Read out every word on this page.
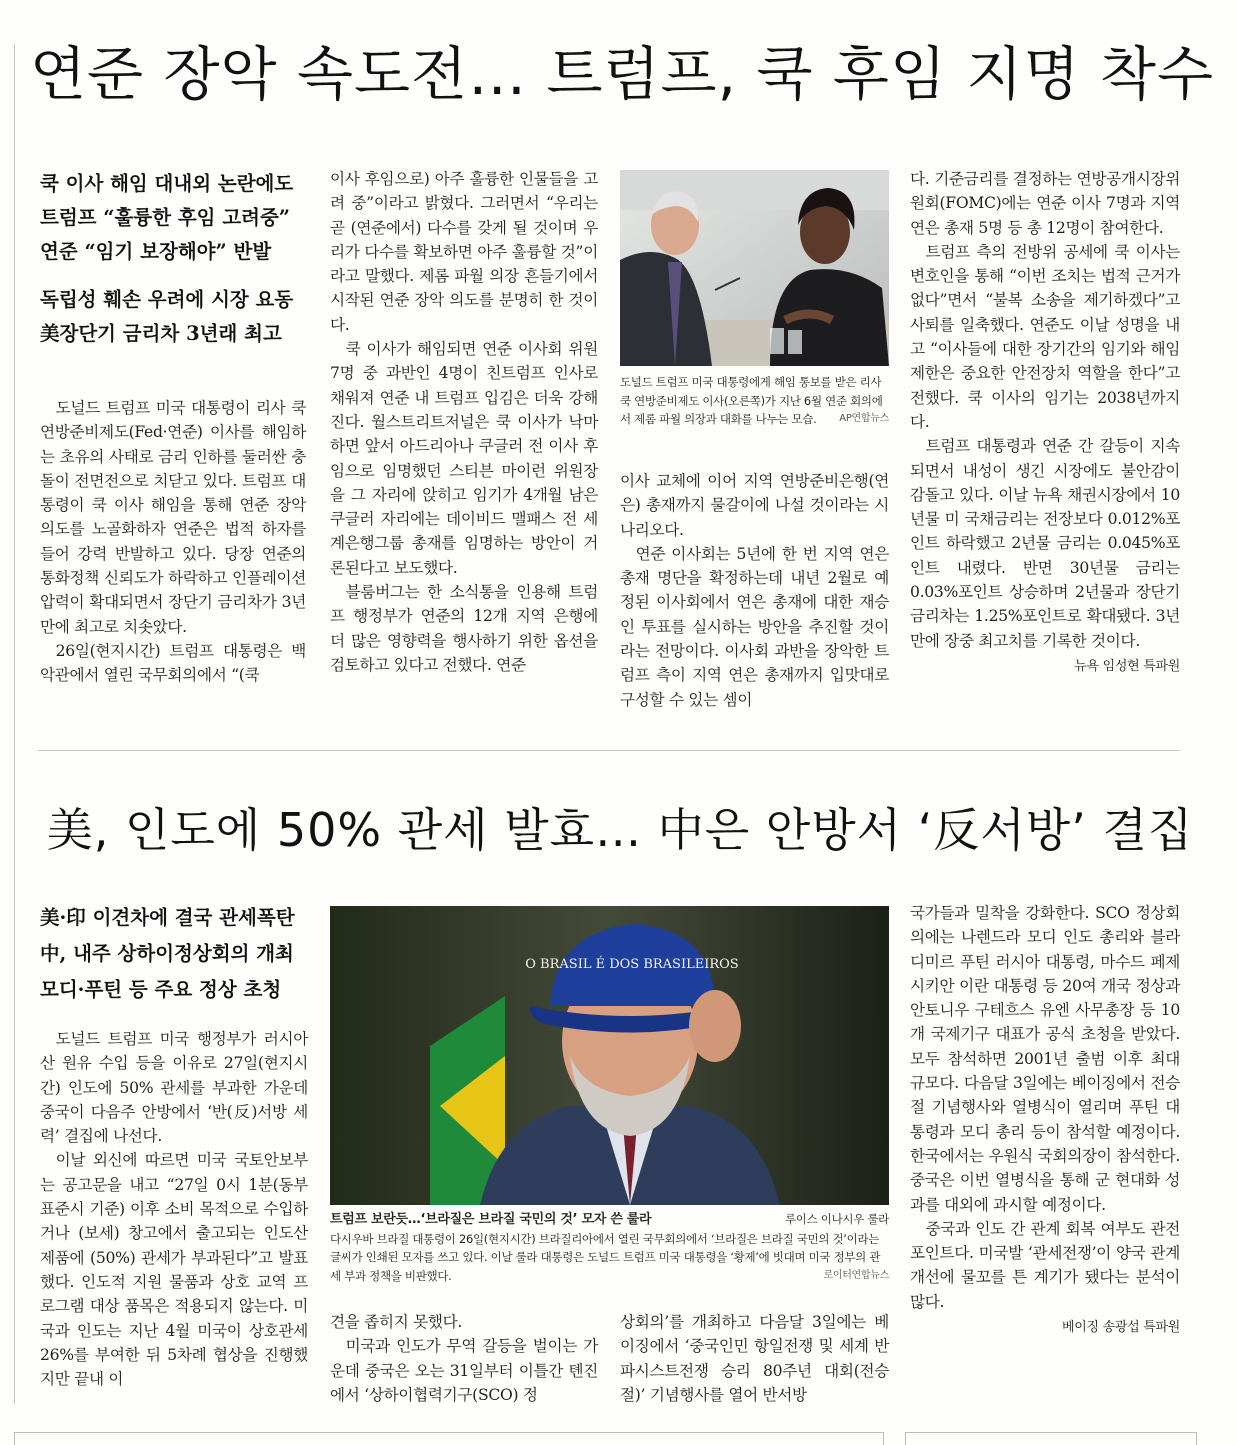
연준 장악 속도전… 트럼프, 쿡 후임 지명 착수

쿡 이사 해임 대내외 논란에도

트럼프 “훌륭한 후임 고려중”

연준 “임기 보장해야” 반발

독립성 훼손 우려에 시장 요동

美장단기 금리차 3년래 최고

도널드 트럼프 미국 대통령이 리사 쿡 연방준비제도(Fed·연준) 이사를 해임하는 초유의 사태로 금리 인하를 둘러싼 충돌이 전면전으로 치닫고 있다. 트럼프 대통령이 쿡 이사 해임을 통해 연준 장악 의도를 노골화하자 연준은 법적 하자를 들어 강력 반발하고 있다. 당장 연준의 통화정책 신뢰도가 하락하고 인플레이션 압력이 확대되면서 장단기 금리차가 3년 만에 최고로 치솟았다.

26일(현지시간) 트럼프 대통령은 백악관에서 열린 국무회의에서 “(쿡

이사 후임으로) 아주 훌륭한 인물들을 고려 중”이라고 밝혔다. 그러면서 “우리는 곧 (연준에서) 다수를 갖게 될 것이며 우리가 다수를 확보하면 아주 훌륭할 것”이라고 말했다. 제롬 파월 의장 흔들기에서 시작된 연준 장악 의도를 분명히 한 것이다.

쿡 이사가 해임되면 연준 이사회 위원 7명 중 과반인 4명이 친트럼프 인사로 채워져 연준 내 트럼프 입김은 더욱 강해진다. 월스트리트저널은 쿡 이사가 낙마하면 앞서 아드리아나 쿠글러 전 이사 후임으로 임명했던 스티븐 마이런 위원장을 그 자리에 앉히고 임기가 4개월 남은 쿠글러 자리에는 데이비드 맬패스 전 세계은행그룹 총재를 임명하는 방안이 거론된다고 보도했다.

블룸버그는 한 소식통을 인용해 트럼프 행정부가 연준의 12개 지역 은행에 더 많은 영향력을 행사하기 위한 옵션을 검토하고 있다고 전했다. 연준

도널드 트럼프 미국 대통령에게 해임 통보를 받은 리사 쿡 연방준비제도 이사(오른쪽)가 지난 6월 연준 회의에서 제롬 파월 의장과 대화를 나누는 모습. AP연합뉴스

이사 교체에 이어 지역 연방준비은행(연은) 총재까지 물갈이에 나설 것이라는 시나리오다.

연준 이사회는 5년에 한 번 지역 연은 총재 명단을 확정하는데 내년 2월로 예정된 이사회에서 연은 총재에 대한 재승인 투표를 실시하는 방안을 추진할 것이라는 전망이다. 이사회 과반을 장악한 트럼프 측이 지역 연은 총재까지 입맛대로 구성할 수 있는 셈이

다. 기준금리를 결정하는 연방공개시장위원회(FOMC)에는 연준 이사 7명과 지역 연은 총재 5명 등 총 12명이 참여한다.

트럼프 측의 전방위 공세에 쿡 이사는 변호인을 통해 “이번 조치는 법적 근거가 없다”면서 “불복 소송을 제기하겠다”고 사퇴를 일축했다. 연준도 이날 성명을 내고 “이사들에 대한 장기간의 임기와 해임 제한은 중요한 안전장치 역할을 한다”고 전했다. 쿡 이사의 임기는 2038년까지다.

트럼프 대통령과 연준 간 갈등이 지속되면서 내성이 생긴 시장에도 불안감이 감돌고 있다. 이날 뉴욕 채권시장에서 10년물 미 국채금리는 전장보다 0.012%포인트 하락했고 2년물 금리는 0.045%포인트 내렸다. 반면 30년물 금리는 0.03%포인트 상승하며 2년물과 장단기 금리차는 1.25%포인트로 확대됐다. 3년 만에 장중 최고치를 기록한 것이다.

뉴욕 임성현 특파원
美, 인도에 50% 관세 발효… 中은 안방서 ‘反서방’ 결집

美·印 이견차에 결국 관세폭탄

中, 내주 상하이정상회의 개최

모디·푸틴 등 주요 정상 초청

도널드 트럼프 미국 행정부가 러시아산 원유 수입 등을 이유로 27일(현지시간) 인도에 50% 관세를 부과한 가운데 중국이 다음주 안방에서 ‘반(反)서방 세력’ 결집에 나선다.

이날 외신에 따르면 미국 국토안보부는 공고문을 내고 “27일 0시 1분(동부 표준시 기준) 이후 소비 목적으로 수입하거나 (보세) 창고에서 출고되는 인도산 제품에 (50%) 관세가 부과된다”고 발표했다. 인도적 지원 물품과 상호 교역 프로그램 대상 품목은 적용되지 않는다. 미국과 인도는 지난 4월 미국이 상호관세 26%를 부여한 뒤 5차례 협상을 진행했지만 끝내 이

O BRASIL É DOS BRASILEIROS
트럼프 보란듯…‘브라질은 브라질 국민의 것’ 모자 쓴 룰라	루이스 이나시우 룰라

다시우바 브라질 대통령이 26일(현지시간) 브라질리아에서 열린 국무회의에서 ‘브라질은 브라질 국민의 것’이라는 글씨가 인쇄된 모자를 쓰고 있다. 이날 룰라 대통령은 도널드 트럼프 미국 대통령을 ‘황제’에 빗대며 미국 정부의 관세 부과 정책을 비판했다.	로이터연합뉴스

견을 좁히지 못했다.

미국과 인도가 무역 갈등을 벌이는 가운데 중국은 오는 31일부터 이틀간 톈진에서 ‘상하이협력기구(SCO) 정

상회의’를 개최하고 다음달 3일에는 베이징에서 ‘중국인민 항일전쟁 및 세계 반파시스트전쟁 승리 80주년 대회(전승절)’ 기념행사를 열어 반서방

국가들과 밀착을 강화한다. SCO 정상회의에는 나렌드라 모디 인도 총리와 블라디미르 푸틴 러시아 대통령, 마수드 페제시키안 이란 대통령 등 20여 개국 정상과 안토니우 구테흐스 유엔 사무총장 등 10개 국제기구 대표가 공식 초청을 받았다. 모두 참석하면 2001년 출범 이후 최대 규모다. 다음달 3일에는 베이징에서 전승절 기념행사와 열병식이 열리며 푸틴 대통령과 모디 총리 등이 참석할 예정이다. 한국에서는 우원식 국회의장이 참석한다. 중국은 이번 열병식을 통해 군 현대화 성과를 대외에 과시할 예정이다.

중국과 인도 간 관계 회복 여부도 관전 포인트다. 미국발 ‘관세전쟁’이 양국 관계 개선에 물꼬를 튼 계기가 됐다는 분석이 많다.

베이징 송광섭 특파원
